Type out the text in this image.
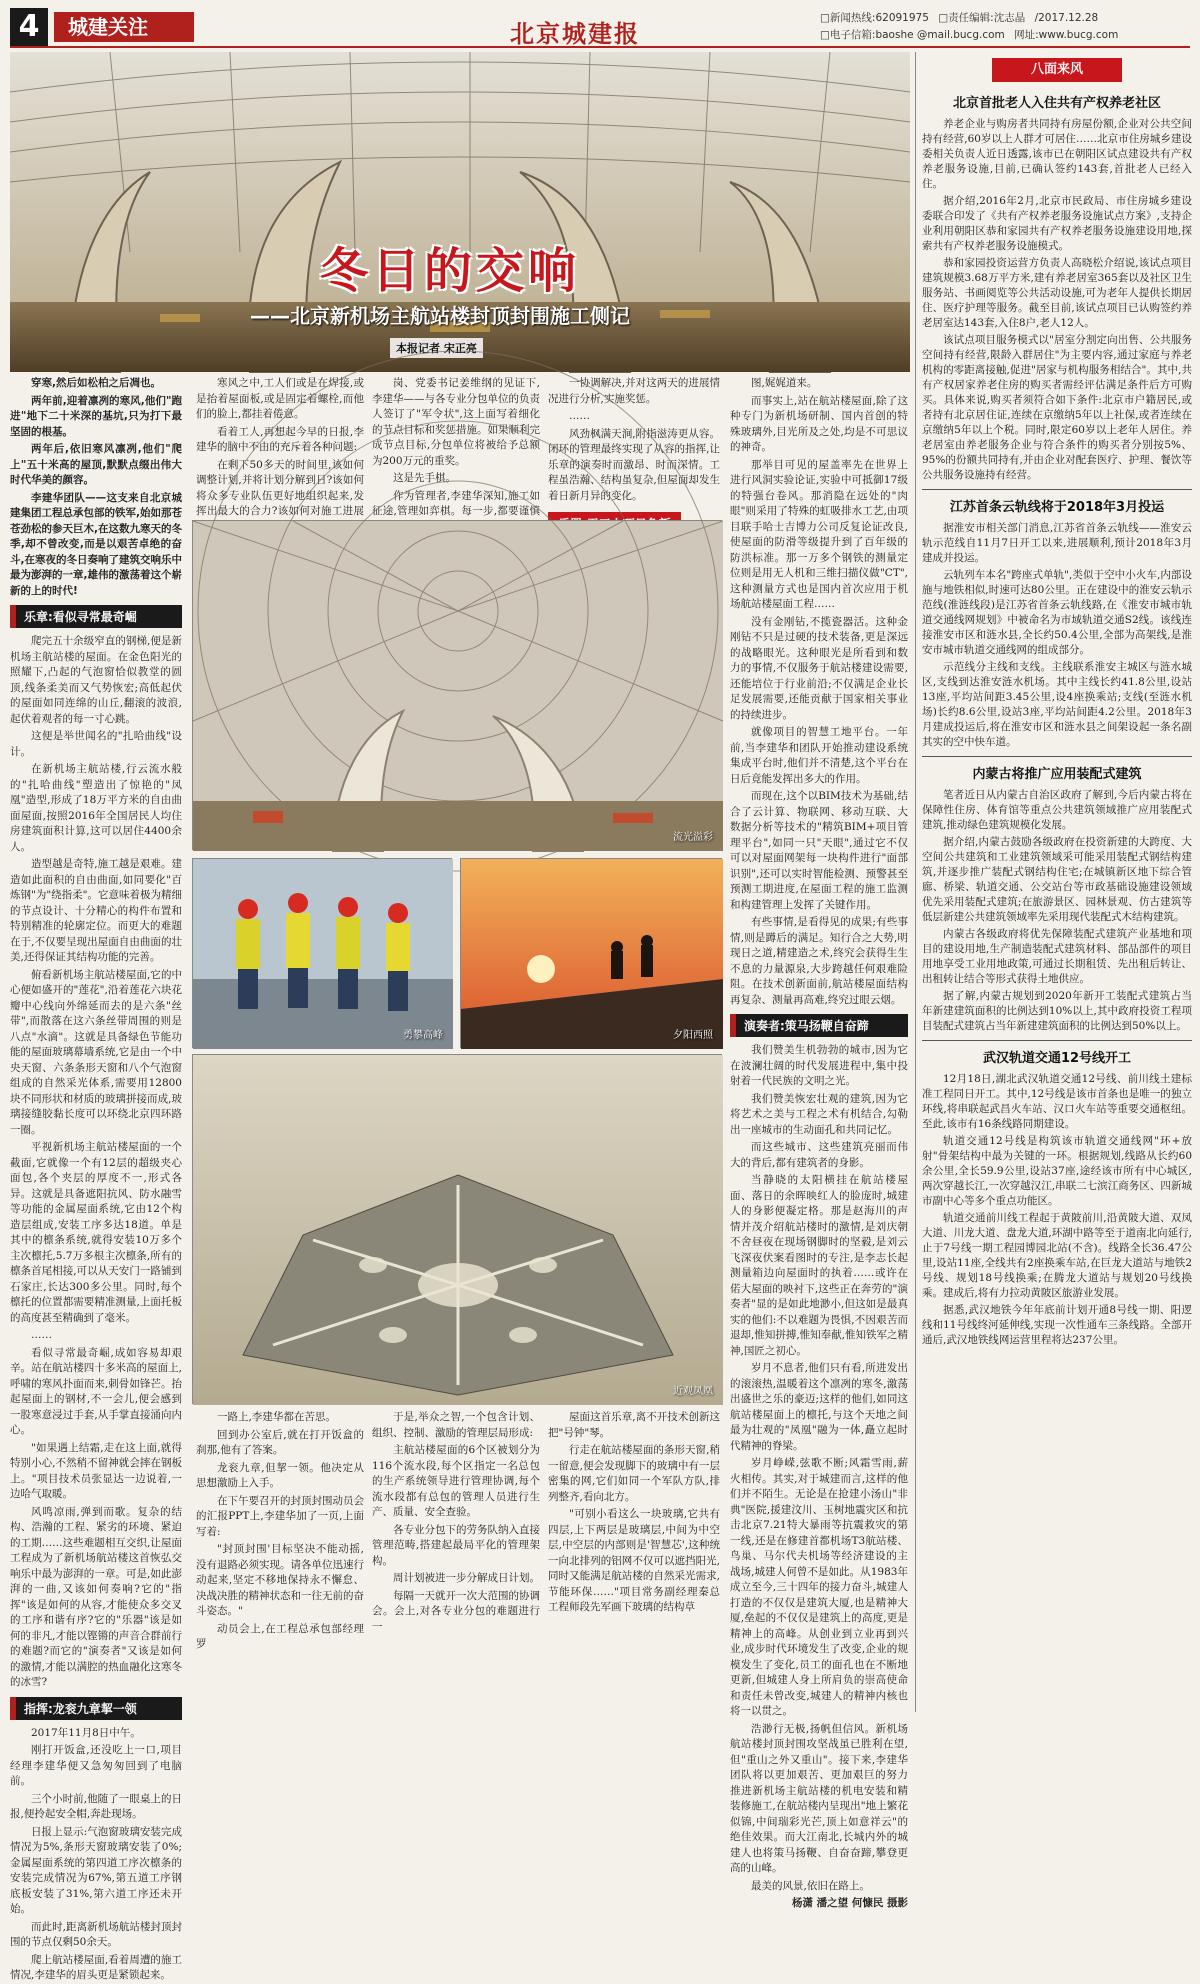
4	城建关注	北京城建报
□新闻热线:62091975 □责任编辑:沈志晶 /2017.12.28
□电子信箱:baoshe @mail.bucg.com 网址:www.bucg.com
冬日的交响
——北京新机场主航站楼封顶封围施工侧记
本报记者 宋正亮

穿寒,然后如松柏之后凋也。

两年前,迎着凛冽的寒风,他们"跑进"地下二十米深的基坑,只为打下最坚固的根基。

两年后,依旧寒风凛冽,他们"爬上"五十米高的屋顶,默默点缀出伟大时代华美的颜容。

李建华团队——这支来自北京城建集团工程总承包部的铁军,始如那苍苍劲松的参天巨木,在这数九寒天的冬季,却不曾改变,而是以艰苦卓绝的奋斗,在寒夜的冬日奏响了建筑交响乐中最为澎湃的一章,雄伟的激荡着这个崭新的上的时代!

乐章:看似寻常最奇崛

爬完五十余级窄直的钢梯,便是新机场主航站楼的屋面。在金色阳光的照耀下,凸起的气泡窗恰似教堂的圆顶,线条柔美而又气势恢宏;高低起伏的屋面如同连绵的山丘,翻滚的波浪,起伏着观者的每一寸心跳。

这便是举世闻名的"扎哈曲线"设计。

在新机场主航站楼,行云流水般的"扎哈曲线"塑造出了惊艳的"凤凰"造型,形成了18万平方米的自由曲面屋面,按照2016年全国居民人均住房建筑面积计算,这可以居住4400余人。

造型越是奇特,施工越是艰难。建造如此面积的自由曲面,如同要化"百炼钢"为"绕指柔"。它意味着极为精细的节点设计、十分精心的构件布置和特别精准的轮廓定位。而更大的难题在于,不仅要呈现出屋面自由曲面的壮美,还得保证其结构功能的完善。

俯看新机场主航站楼屋面,它的中心便如盛开的"莲花",沿着莲花六块花瓣中心线向外绵延而去的是六条"丝带",而散落在这六条丝带周围的则是八点"水滴"。这就是具备绿色节能功能的屋面玻璃幕墙系统,它是由一个中央天窗、六条条形天窗和八个气泡窗组成的自然采光体系,需要用12800块不同形状和材质的玻璃拼接而成,玻璃接缝胶黏长度可以环绕北京四环路一圈。

平视新机场主航站楼屋面的一个截面,它就像一个有12层的超级夹心面包,各个夹层的厚度不一,形式各异。这就是具备遮阳抗风、防水融雪等功能的金属屋面系统,它由12个构造层组成,安装工序多达18道。单是其中的檩条系统,就得安装10万多个主次檩托,5.7万多根主次檩条,所有的檩条首尾相接,可以从天安门一路铺到石家庄,长达300多公里。同时,每个檩托的位置都需要精准测量,上面托板的高度甚至精确到了毫米。

……

看似寻常最奇崛,成如容易却艰辛。站在航站楼四十多米高的屋面上,呼啸的寒风扑面而来,刺骨如锋芒。抬起屋面上的钢材,不一会儿,便会感到一股寒意浸过手套,从手掌直接涌向内心。

"如果遇上结霜,走在这上面,就得特别小心,不然稍不留神就会摔在钢板上。"项目技术员张显达一边说着,一边哈气取暖。

风鸣凉雨,弹到而歌。复杂的结构、浩瀚的工程、紧劣的环境、紧迫的工期……这些难题相互交织,让屋面工程成为了新机场航站楼这首恢弘交响乐中最为澎湃的一章。可是,如此澎湃的一曲,又该如何奏响?它的"指挥"该是如何的从容,才能使众多交叉的工序和谐有序?它的"乐器"该是如何的非凡,才能以铿锵的声音合群前行的难题?而它的"演奏者"又该是如何的激情,才能以满腔的热血融化这寒冬的冰雪?

指挥:龙衮九章挈一领

2017年11月8日中午。

刚打开饭盒,还没吃上一口,项目经理李建华便又急匆匆回到了电脑前。

三个小时前,他随了一眼桌上的日报,便拎起安全帽,奔赴现场。

日报上显示:气泡窗玻璃安装完成情况为5%,条形天窗玻璃安装了0%;金属屋面系统的第四道工序次檩条的安装完成情况为67%,第五道工序钢底板安装了31%,第六道工序还未开始。

而此时,距离新机场航站楼封顶封围的节点仅剩50余天。

爬上航站楼屋面,看着周遭的施工情况,李建华的眉头更是紧锁起来。

寒风之中,工人们或是在焊接,或是抬着屋面板,或是固定着螺栓,而他们的脸上,都挂着倦意。

看着工人,再想起今早的日报,李建华的脑中不由的充斥着各种问题:

在剩下50多天的时间里,该如何调整计划,并将计划分解到日?该如何将众多专业队伍更好地组织起来,发挥出最大的合力?该如何对施工进展

岗、党委书记姜维纲的见证下,李建华——与各专业分包单位的负责人签订了"军令状",这上面写着细化的节点目标和奖惩措施。如果顺利完成节点目标,分包单位将被给予总额为200万元的重奖。

这是先手棋。

作为管理者,李建华深知,施工如征途,管理如弈棋。每一步,都要谨慎

一协调解决,并对这两天的进展情况进行分析,实施奖惩。

……

风劲枫满天涧,附指滋涛更从容。闭环的管理最终实现了从容的指挥,让乐章的演奏时而激昂、时而深情。工程虽浩瀚、结构虽复杂,但屋面却发生着日新月异的变化。

流光溢彩
勇攀高峰	夕阳西照
近观凤凰

一路上,李建华都在苦思。

回到办公室后,就在打开饭盒的刹那,他有了答案。

龙衮九章,但挈一领。他决定从思想激励上入手。

在下午要召开的封顶封围动员会的汇报PPT上,李建华加了一页,上面写着:

"封顶封围'目标坚决不能动摇,没有退路必须实现。请各单位迅速行动起来,坚定不移地保持永不懈怠、决战决胜的精神状态和一往无前的奋斗姿态。"

动员会上,在工程总承包部经理罗

于是,举众之智,一个包含计划、组织、控制、激励的管理层局形成:

主航站楼屋面的6个区被划分为116个流水段,每个区指定一名总包的生产系统领导进行管理协调,每个流水段都有总包的管理人员进行生产、质量、安全查验。

各专业分包下的劳务队纳入直接管理范畴,搭建起最局平化的管理架构。

周计划被进一步分解成日计划。

每隔一天就开一次大范围的协调会。会上,对各专业分包的难题进行一

屋面这首乐章,离不开技术创新这把"号钟"琴。

行走在航站楼屋面的条形天窗,稍一留意,便会发现脚下的玻璃中有一层密集的网,它们如同一个军队方队,排列整齐,看向北方。

"可别小看这么一块玻璃,它共有四层,上下两层是玻璃层,中间为中空层,中空层的内部则是'智慧芯',这种统一向北排列的铝网不仅可以遮挡阳光,同时又能满足航站楼的自然采光需求,节能环保……"项目常务副经理秦总工程师段先军画下玻璃的结构草

图,娓娓道来。

而事实上,站在航站楼屋面,除了这种专门为新机场研制、国内首创的特殊玻璃外,目光所及之处,均是不可思议的神奇。

那举目可见的屋盖率先在世界上进行风洞实验论证,实验中可抵御17级的特强台卷风。那消隐在远处的"肉眼"则采用了特殊的虹吸排水工艺,由项目联手哈士吉博力公司反复论证改良,使屋面的防滑等级提升到了百年级的防洪标准。那一万多个钢铁的测量定位则是用无人机和三维扫描仪做"CT",这种测量方式也是国内首次应用于机场航站楼屋面工程……

没有金刚钻,不揽瓷器活。这种金刚钻不只是过硬的技术装备,更是深远的战略眼光。这种眼光是所看到和数力的事情,不仅服务于航站楼建设需要,还能培位于行业前沿;不仅满足企业长足发展需要,还能贡献于国家相关事业的持续进步。

就像项目的智慧工地平台。一年前,当李建华和团队开始推动建设系统集成平台时,他们并不清楚,这个平台在日后竟能发挥出多大的作用。

而现在,这个以BIM技术为基础,结合了云计算、物联网、移动互联、大数据分析等技术的"精筑BIM+项目管理平台",如同一只"天眼",通过它不仅可以对屋面网架每一块构件进行"面部识别",还可以实时智能检测、预警甚至预测工期进度,在屋面工程的施工监测和构建管理上发挥了关键作用。

有些事情,是看得见的成果;有些事情,则是蹲后的满足。知行合之大势,明现日之道,精建造之术,终究会获得生生不息的力量源泉,大步跨越任何艰难险阻。在技术创新面前,航站楼屋面结构再复杂、测量再高难,终究过眼云烟。

演奏者:策马扬鞭自奋蹄

我们赞美生机勃勃的城市,因为它在波澜壮阔的时代发展进程中,集中投射着一代民族的文明之光。

我们赞美恢宏壮观的建筑,因为它将艺术之美与工程之术有机结合,勾勒出一座城市的生动面孔和共同记忆。

而这些城市、这些建筑亮丽而伟大的背后,都有建筑者的身影。

当静晓的太阳横挂在航站楼屋面、落日的余晖映红人的脸庞时,城建人的身影便凝定格。那是赵海川的声情并茂介绍航站楼时的激情,是刘庆朝不舍昼夜在现场钢脚时的坚毅,是刘云飞深夜伏案看图时的专注,是李志长起测量箱边向屋面时的执着……或许在偌大屋面的映衬下,这些正在奔劳的"演奏者"显的是如此地渺小,但这如是最真实的他们:不以难题为畏惧,不因艰苦而退却,惟知拼搏,惟知奉献,惟知铁军之精神,国匠之初心。

岁月不息者,他们只有看,所进发出的滚滚热,温暖着这个凛冽的寒冬,激荡出盛世之乐的豪迈;这样的他们,如同这航站楼屋面上的檩托,与这个天地之间最为壮观的"凤凰"融为一体,矗立起时代精神的脊梁。

岁月峥嵘,弦歌不断;风霜雪雨,薪火相传。其实,对于城建而言,这样的他们并不陌生。无论是在抢建小汤山"非典"医院,援建汶川、玉树地震灾区和抗击北京7.21特大暴雨等抗震救灾的第一线,还是在修建首都机场T3航站楼、鸟巢、马尔代夫机场等经济建设的主战场,城建人何曾不是如此。从1983年成立至今,三十四年的接力奋斗,城建人打造的不仅仅是建筑大厦,也是精神大厦,垒起的不仅仅是建筑上的高度,更是精神上的高峰。从创业到立业再到兴业,成步时代环境发生了改变,企业的规模发生了变化,员工的面孔也在不断地更新,但城建人身上所肩负的崇高使命和责任未曾改变,城建人的精神内核也将一以贯之。

浩渺行无极,扬帆但信风。新机场航站楼封顶封围攻坚战虽已胜利在望,但"重山之外又重山"。接下来,李建华团队将以更加艰苦、更加艰巨的努力推进新机场主航站楼的机电安装和精装修施工,在航站楼内呈现出"地上繁花似锦,中间瑞彩光芒,顶上如意祥云"的绝佳效果。而大江南北,长城内外的城建人也将策马扬鞭、自奋奋蹄,攀登更高的山峰。

最美的风景,依旧在路上。

杨潇 潘之望 何慷民 摄影

八面来风
北京首批老人入住共有产权养老社区

养老企业与购房者共同持有房屋份额,企业对公共空间持有经营,60岁以上人群才可居住……北京市住房城乡建设委相关负责人近日透露,该市已在朝阳区试点建设共有产权养老服务设施,目前,已确认签约143套,首批老人已经入住。

据介绍,2016年2月,北京市民政局、市住房城乡建设委联合印发了《共有产权养老服务设施试点方案》,支持企业利用朝阳区恭和家园共有产权养老服务设施建设用地,探索共有产权养老服务设施模式。

恭和家园投资运营方负责人高晓松介绍说,该试点项目建筑规模3.68万平方米,建有养老居室365套以及社区卫生服务站、书画阅览等公共活动设施,可为老年人提供长期居住、医疗护理等服务。截至目前,该试点项目已认购签约养老居室达143套,入住8户,老人12人。

该试点项目服务模式以"居室分割定向出售、公共服务空间持有经营,限龄入群居住"为主要内容,通过家庭与养老机构的零距离接触,促进"居家与机构服务相结合"。其中,共有产权居家养老住房的购买者需经评估满足条件后方可购买。具体来说,购买者须符合如下条件:北京市户籍居民,或者持有北京居住证,连续在京缴纳5年以上社保,或者连续在京缴纳5年以上个税。同时,限定60岁以上老年人居住。养老居室由养老服务企业与符合条件的购买者分别按5%、95%的份额共同持有,并由企业对配套医疗、护理、餐饮等公共服务设施持有经营。

江苏首条云轨线将于2018年3月投运

据淮安市相关部门消息,江苏省首条云轨线——淮安云轨示范线自11月7日开工以来,进展顺利,预计2018年3月建成并投运。

云轨列车本名"跨座式单轨",类似于空中小火车,内部设施与地铁相似,时速可达80公里。正在建设中的淮安云轨示范线(淮涟线段)是江苏省首条云轨线路,在《淮安市城市轨道交通线网规划》中被命名为市域轨道交通S2线。该线连接淮安市区和涟水县,全长约50.4公里,全部为高架线,是淮安市城市轨道交通线网的组成部分。

示范线分主线和支线。主线联系淮安主城区与涟水城区,支线到达淮安涟水机场。其中主线长约41.8公里,设站13座,平均站间距3.45公里,设4座换乘站;支线(至涟水机场)长约8.6公里,设站3座,平均站间距4.2公里。2018年3月建成投运后,将在淮安市区和涟水县之间架设起一条名副其实的空中快车道。

内蒙古将推广应用装配式建筑

笔者近日从内蒙古自治区政府了解到,今后内蒙古将在保障性住房、体育馆等重点公共建筑领域推广应用装配式建筑,推动绿色建筑规模化发展。

据介绍,内蒙古鼓励各级政府在投资新建的大跨度、大空间公共建筑和工业建筑领域采可能采用装配式钢结构建筑,并逐步推广装配式钢结构住宅;在城镇新区地下综合管廊、桥梁、轨道交通、公交站台等市政基础设施建设领域优先采用装配式建筑;在旅游景区、园林景观、仿古建筑等低层新建公共建筑领域率先采用现代装配式木结构建筑。

内蒙古各级政府将优先保障装配式建筑产业基地和项目的建设用地,生产制造装配式建筑材料、部品部件的项目用地享受工业用地政策,可通过长期租赁、先出租后转让、出租转让结合等形式获得土地供应。

据了解,内蒙古规划到2020年新开工装配式建筑占当年新建建筑面积的比例达到10%以上,其中政府投资工程项目装配式建筑占当年新建建筑面积的比例达到50%以上。

武汉轨道交通12号线开工

12月18日,湖北武汉轨道交通12号线、前川线土建标准工程同日开工。其中,12号线是该市首条也是唯一的独立环线,将串联起武昌火车站、汉口火车站等重要交通枢纽。至此,该市有16条线路同期建设。

轨道交通12号线是构筑该市轨道交通线网"环+放射"骨架结构中最为关键的一环。根据规划,线路从长约60余公里,全长59.9公里,设站37座,途经该市所有中心城区,两次穿越长江,一次穿越汉江,串联二七滨江商务区、四新城市副中心等多个重点功能区。

轨道交通前川线工程起于黄陂前川,沿黄陂大道、双凤大道、川龙大道、盘龙大道,环湖中路等至于道南北向延行,止于7号线一期工程园博园北站(不含)。线路全长36.47公里,设站11座,全线共有2座换乘车站,在巨龙大道站与地铁2号线、规划18号线换乘;在腾龙大道站与规划20号线换乘。建成后,将有力拉动黄陂区旅游业发展。

据悉,武汉地铁今年年底前计划开通8号线一期、阳逻线和11号线终河延伸线,实现一次性通车三条线路。全部开通后,武汉地铁线网运营里程将达237公里。
